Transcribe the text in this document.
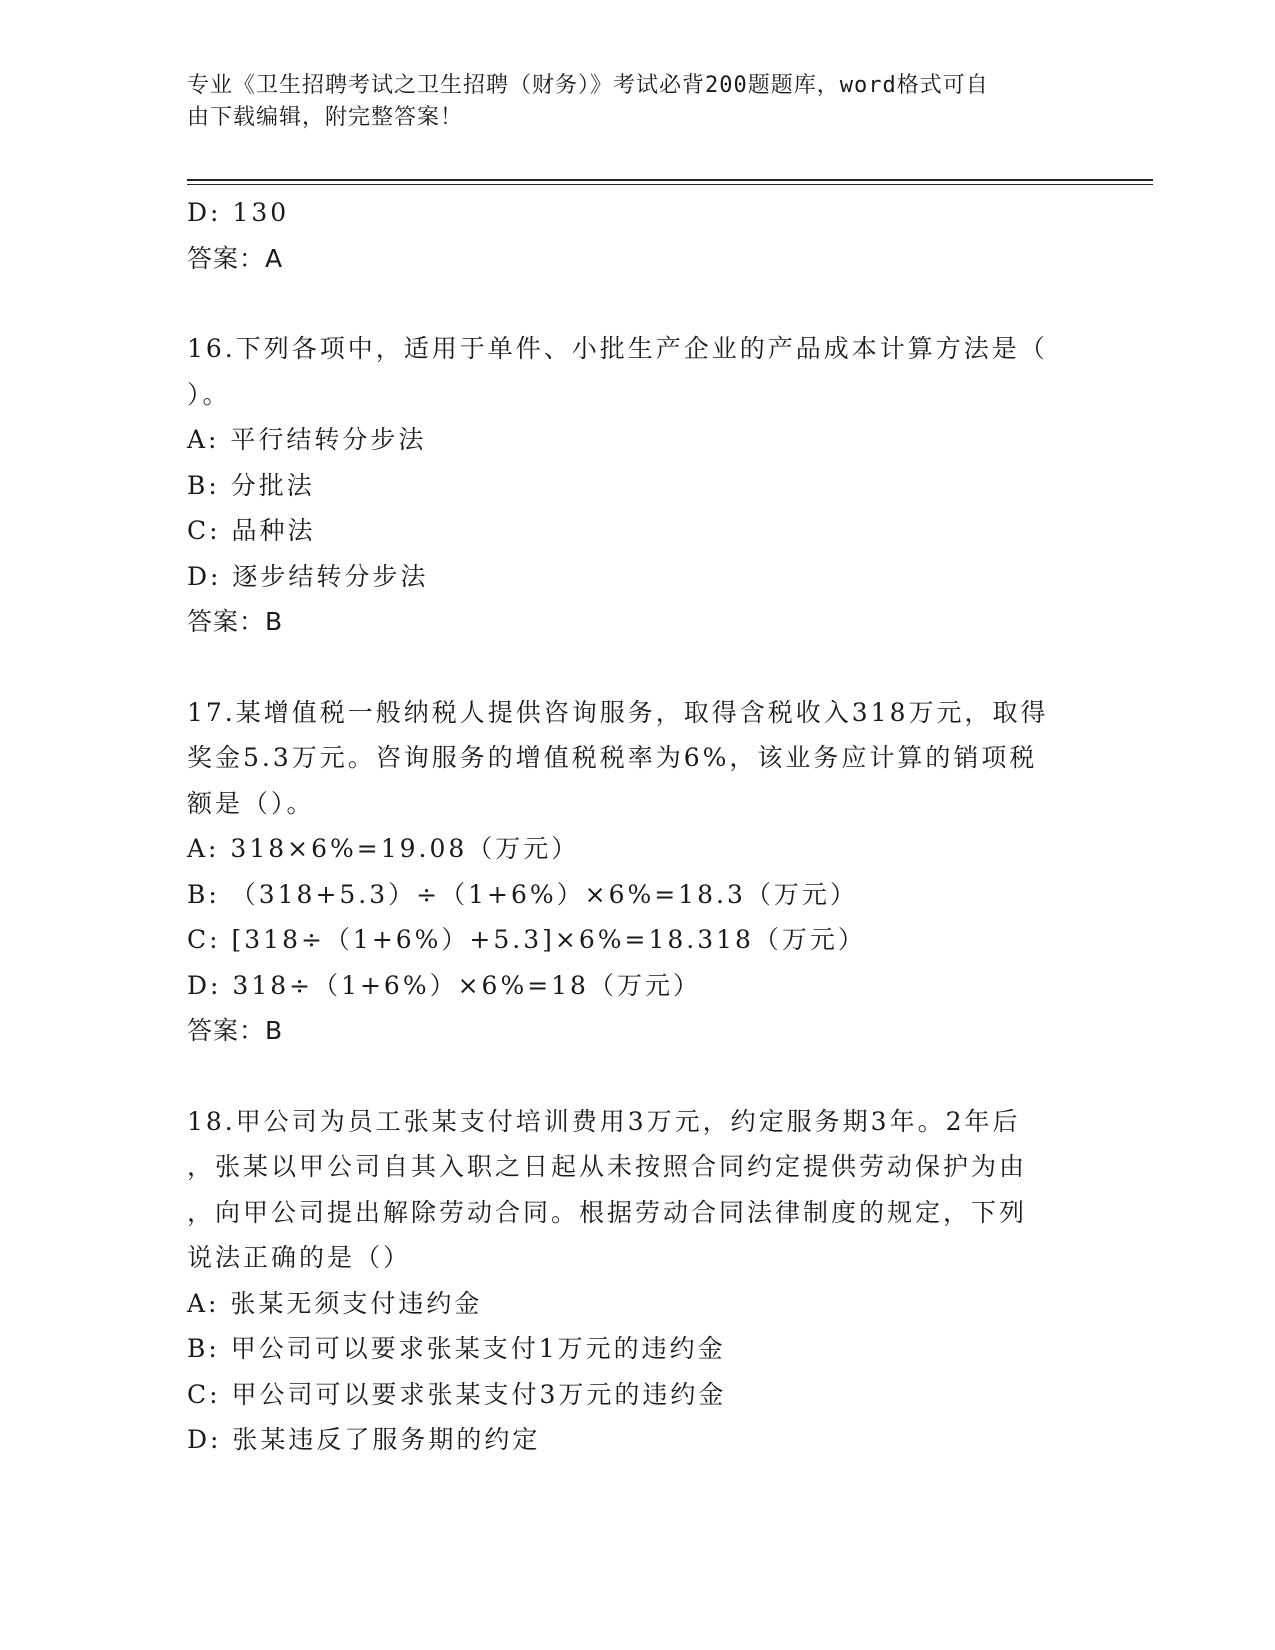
专业《卫生招聘考试之卫生招聘（财务）》考试必背200题题库，word格式可自
由下载编辑，附完整答案！
D: 130
答案：A
16.下列各项中，适用于单件、小批生产企业的产品成本计算方法是（
）。
A: 平行结转分步法
B: 分批法
C: 品种法
D: 逐步结转分步法
答案：B
17.某增值税一般纳税人提供咨询服务，取得含税收入318万元，取得
奖金5.3万元。咨询服务的增值税税率为6%，该业务应计算的销项税
额是（）。
A: 318×6%=19.08（万元）
B: （318+5.3）÷（1+6%）×6%=18.3（万元）
C: [318÷（1+6%）+5.3]×6%=18.318（万元）
D: 318÷（1+6%）×6%=18（万元）
答案：B
18.甲公司为员工张某支付培训费用3万元，约定服务期3年。2年后
，张某以甲公司自其入职之日起从未按照合同约定提供劳动保护为由
，向甲公司提出解除劳动合同。根据劳动合同法律制度的规定，下列
说法正确的是（）
A: 张某无须支付违约金
B: 甲公司可以要求张某支付1万元的违约金
C: 甲公司可以要求张某支付3万元的违约金
D: 张某违反了服务期的约定
